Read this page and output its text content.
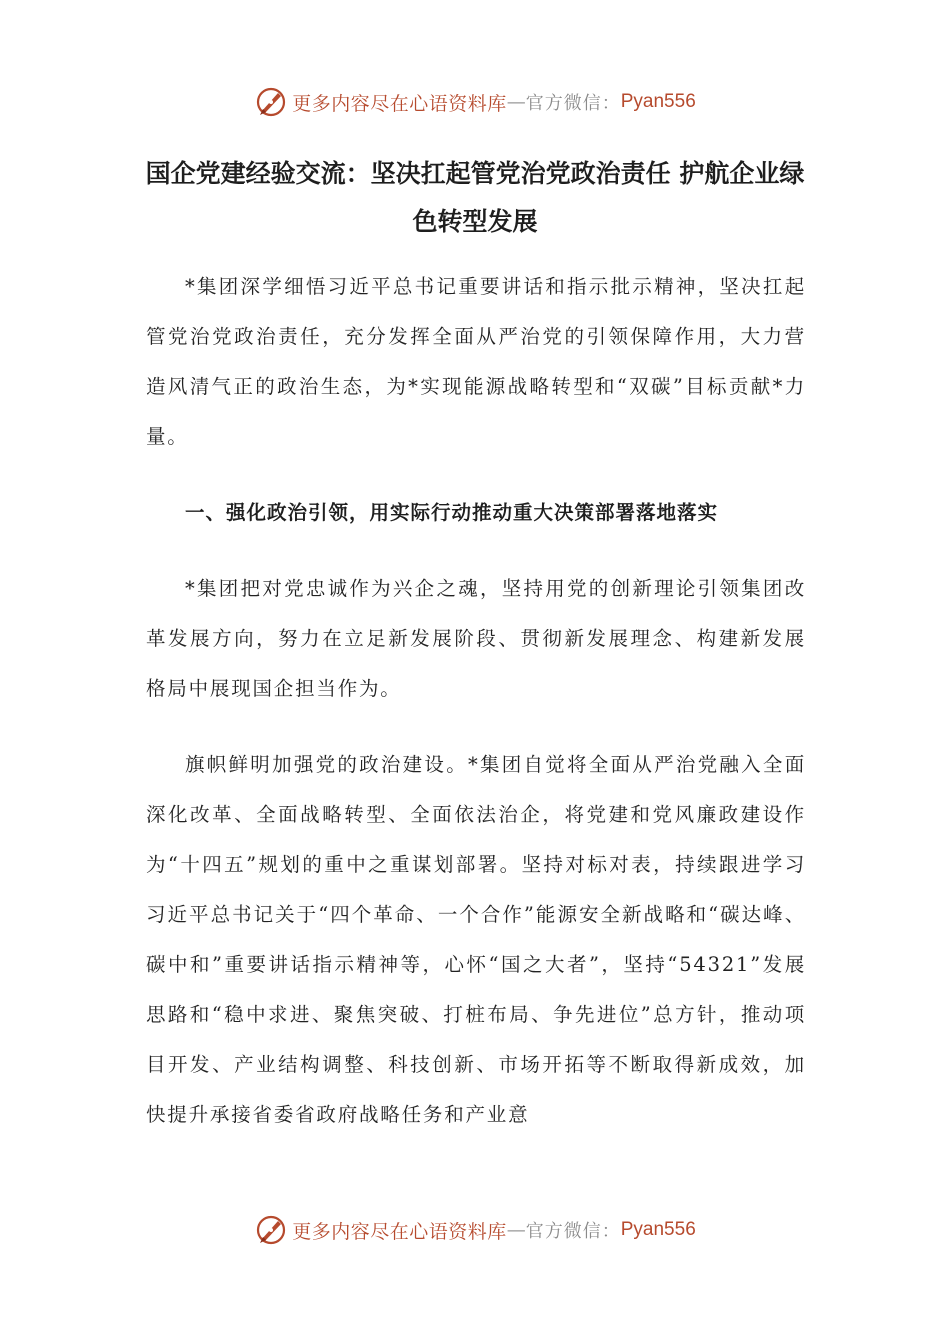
更多内容尽在心语资料库 — 官方微信： Pyan556
国企党建经验交流：坚决扛起管党治党政治责任 护航企业绿色转型发展

*集团深学细悟习近平总书记重要讲话和指示批示精神，坚决扛起管党治党政治责任，充分发挥全面从严治党的引领保障作用，大力营造风清气正的政治生态，为*实现能源战略转型和“双碳”目标贡献*力量。

一、强化政治引领，用实际行动推动重大决策部署落地落实

*集团把对党忠诚作为兴企之魂，坚持用党的创新理论引领集团改革发展方向，努力在立足新发展阶段、贯彻新发展理念、构建新发展格局中展现国企担当作为。

旗帜鲜明加强党的政治建设。*集团自觉将全面从严治党融入全面深化改革、全面战略转型、全面依法治企，将党建和党风廉政建设作为“十四五”规划的重中之重谋划部署。坚持对标对表，持续跟进学习习近平总书记关于“四个革命、一个合作”能源安全新战略和“碳达峰、碳中和”重要讲话指示精神等，心怀“国之大者”，坚持“54321”发展思路和“稳中求进、聚焦突破、打桩布局、争先进位”总方针，推动项目开发、产业结构调整、科技创新、市场开拓等不断取得新成效，加快提升承接省委省政府战略任务和产业意

更多内容尽在心语资料库 — 官方微信： Pyan556
